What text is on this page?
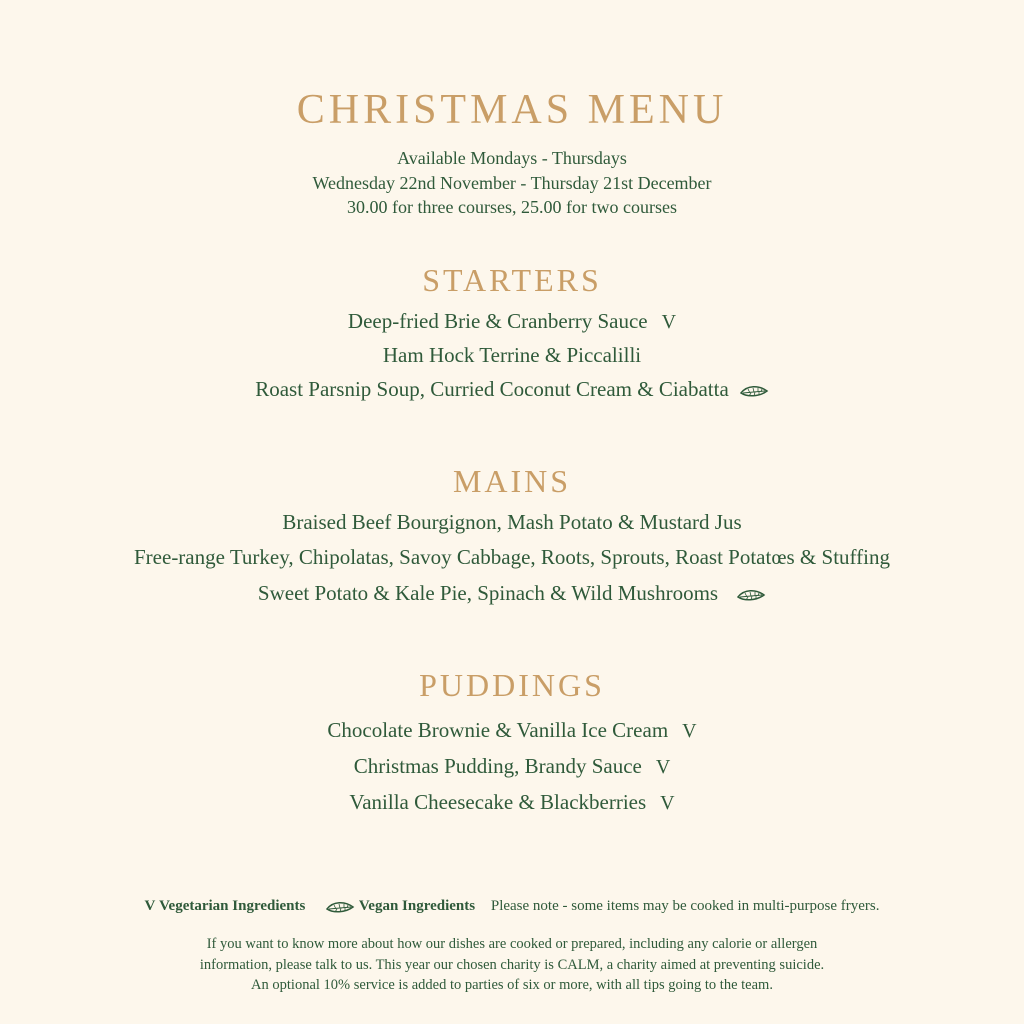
CHRISTMAS MENU
Available Mondays - Thursdays
Wednesday 22nd November - Thursday 21st December
30.00 for three courses, 25.00 for two courses
STARTERS
Deep-fried Brie & Cranberry Sauce V
Ham Hock Terrine & Piccalilli
Roast Parsnip Soup, Curried Coconut Cream & Ciabatta
MAINS
Braised Beef Bourgignon, Mash Potato & Mustard Jus
Free-range Turkey, Chipolatas, Savoy Cabbage, Roots, Sprouts, Roast Potatœs & Stuffing
Sweet Potato & Kale Pie, Spinach & Wild Mushrooms
PUDDINGS
Chocolate Brownie & Vanilla Ice Cream V
Christmas Pudding, Brandy Sauce V
Vanilla Cheesecake & Blackberries V
V Vegetarian Ingredients	Vegan Ingredients Please note - some items may be cooked in multi-purpose fryers.
If you want to know more about how our dishes are cooked or prepared, including any calorie or allergen
information, please talk to us. This year our chosen charity is CALM, a charity aimed at preventing suicide.
An optional 10% service is added to parties of six or more, with all tips going to the team.
